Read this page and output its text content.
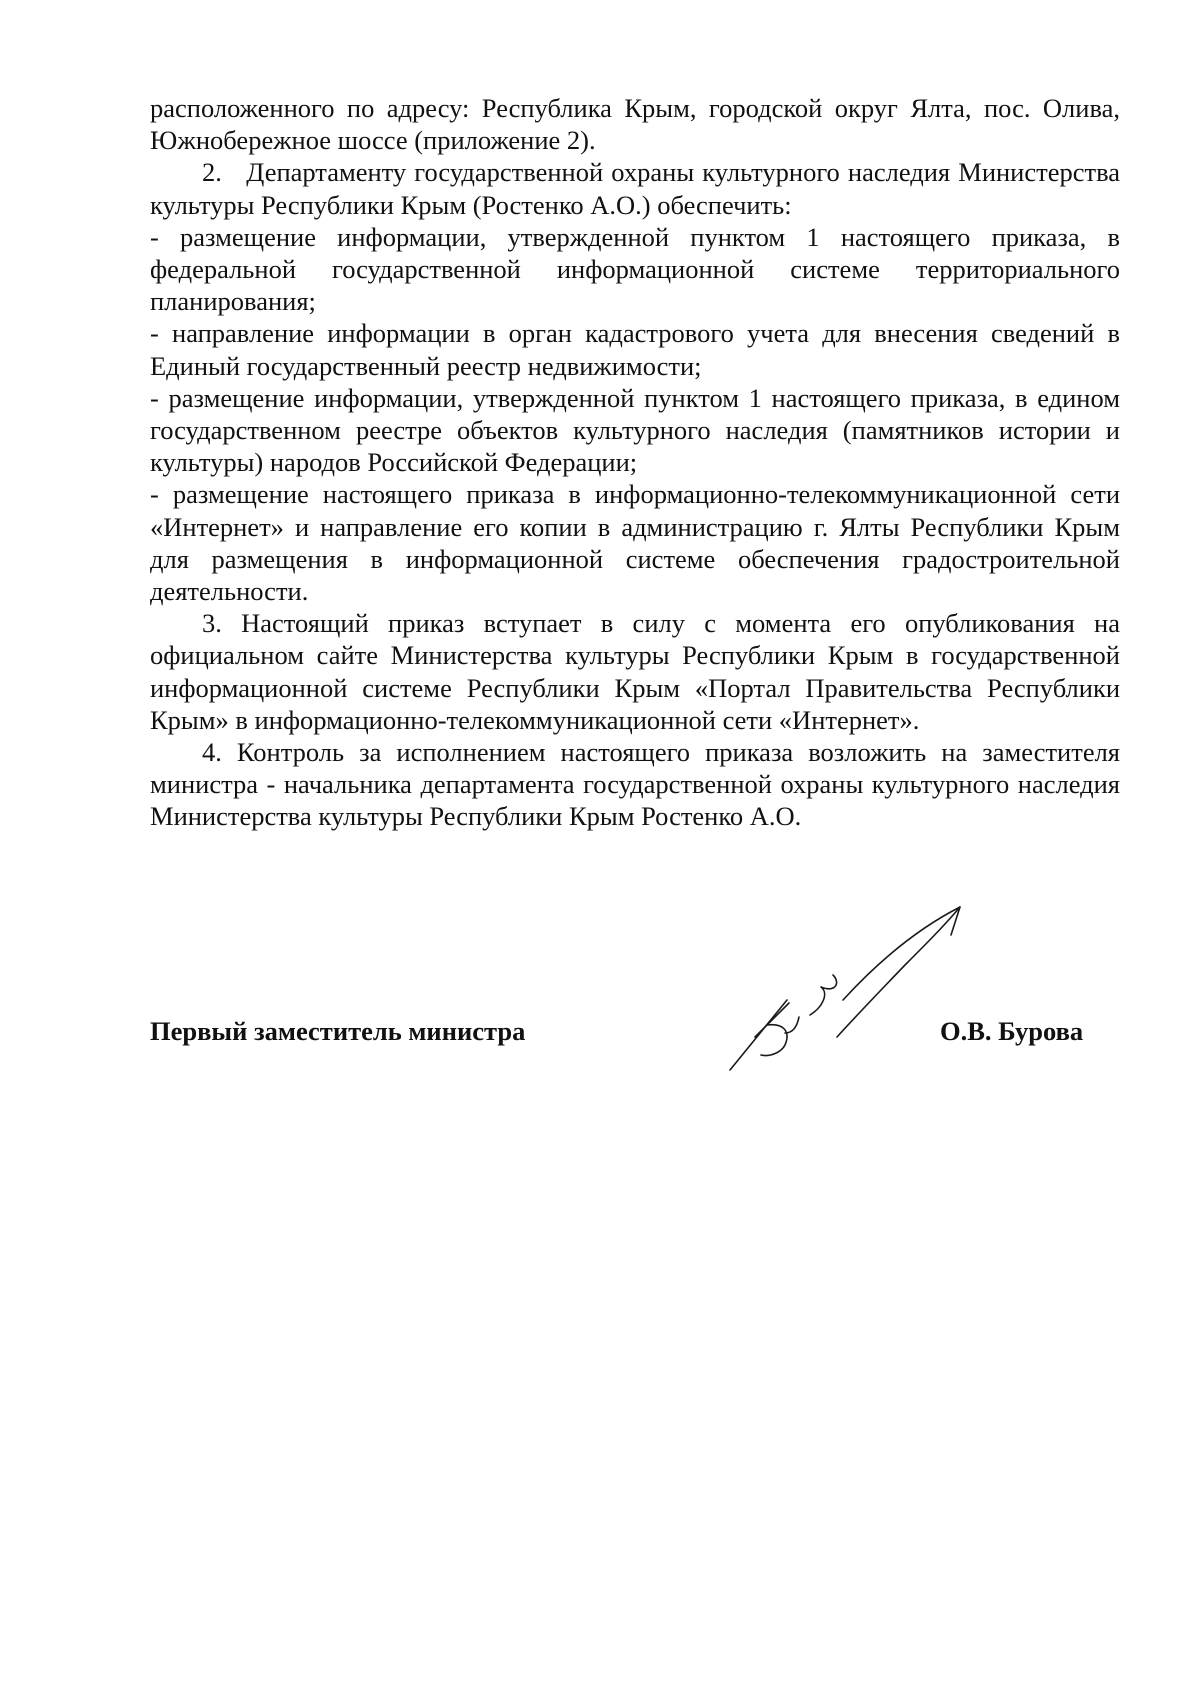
расположенного по адресу: Республика Крым, городской округ Ялта, пос. Олива, Южнобережное шоссе (приложение 2).

2.   Департаменту государственной охраны культурного наследия Министерства культуры Республики Крым (Ростенко А.О.) обеспечить:

- размещение информации, утвержденной пунктом 1 настоящего приказа, в федеральной государственной информационной системе территориального планирования;

- направление информации в орган кадастрового учета для внесения сведений в Единый государственный реестр недвижимости;

- размещение информации, утвержденной пунктом 1 настоящего приказа, в едином государственном реестре объектов культурного наследия (памятников истории и культуры) народов Российской Федерации;

- размещение настоящего приказа в информационно-телекоммуникационной сети «Интернет» и направление его копии в администрацию г. Ялты Республики Крым для размещения в информационной системе обеспечения градостроительной деятельности.

3. Настоящий приказ вступает в силу с момента его опубликования на официальном сайте Министерства культуры Республики Крым в государственной информационной системе Республики Крым «Портал Правительства Республики Крым» в информационно-телекоммуникационной сети «Интернет».

4. Контроль за исполнением настоящего приказа возложить на заместителя министра - начальника департамента государственной охраны культурного наследия Министерства культуры Республики Крым Ростенко А.О.

Первый заместитель министра	О.В. Бурова
